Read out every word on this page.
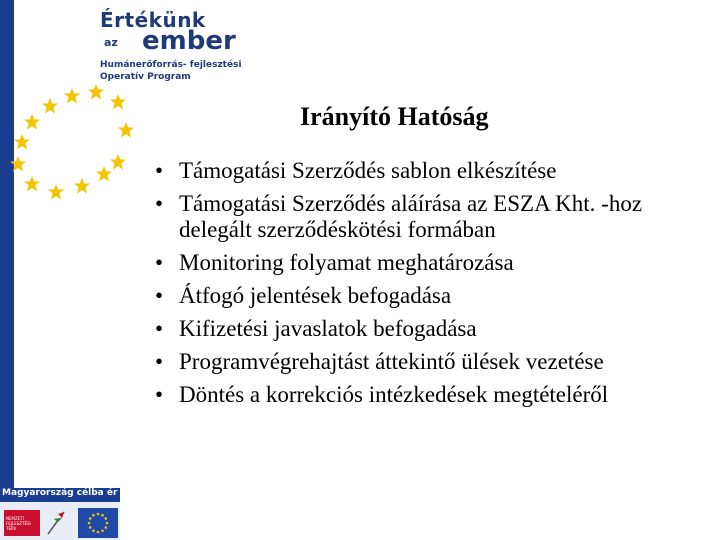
Értékünk
az ember
Humánerőforrás- fejlesztési
Operatív Program
Irányító Hatóság
• Támogatási Szerződés sablon elkészítése
• Támogatási Szerződés aláírása az ESZA Kht. -hoz delegált szerződéskötési formában
• Monitoring folyamat meghatározása
• Átfogó jelentések befogadása
• Kifizetési javaslatok befogadása
• Programvégrehajtást áttekintő ülések vezetése
• Döntés a korrekciós intézkedések megtételéről
Magyarország célba ér
NEMZETI FEJLESZTÉSI TERV
